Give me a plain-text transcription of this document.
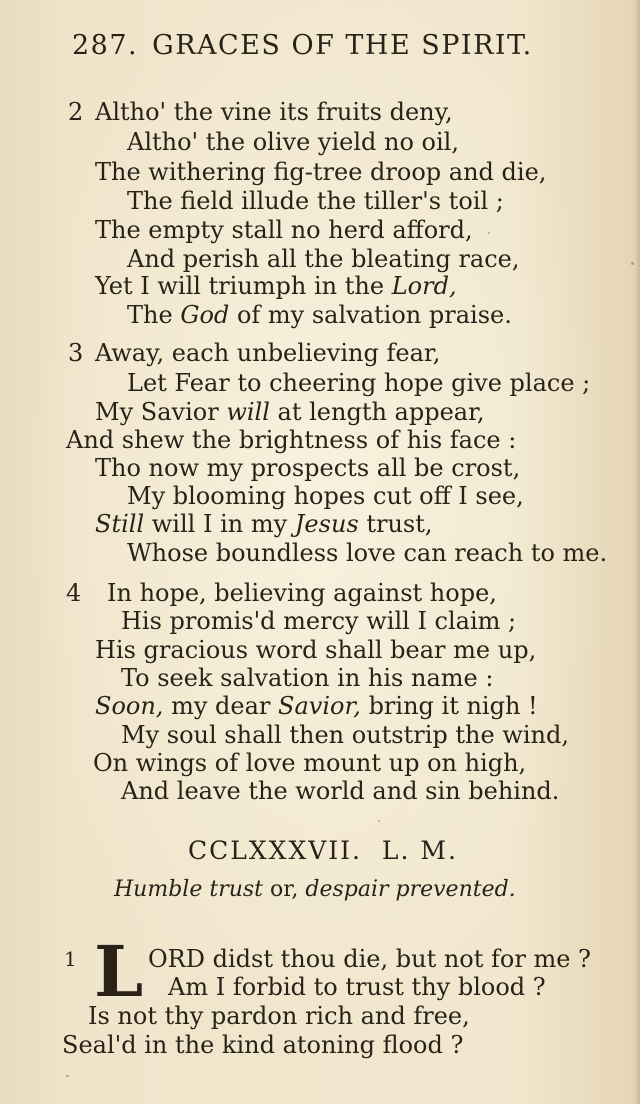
287. GRACES OF THE SPIRIT.
2 Altho' the vine its fruits deny,
Altho' the olive yield no oil,
The withering fig-tree droop and die,
The field illude the tiller's toil ;
The empty stall no herd afford,
And perish all the bleating race,
Yet I will triumph in the Lord,
The God of my salvation praise.
3 Away, each unbelieving fear,
Let Fear to cheering hope give place ;
My Savior will at length appear,
And shew the brightness of his face :
Tho now my prospects all be crost,
My blooming hopes cut off I see,
Still will I in my Jesus trust,
Whose boundless love can reach to me.
4 In hope, believing against hope,
His promis'd mercy will I claim ;
His gracious word shall bear me up,
To seek salvation in his name :
Soon, my dear Savior, bring it nigh !
My soul shall then outstrip the wind,
On wings of love mount up on high,
And leave the world and sin behind.
CCLXXXVII. L. M.
Humble trust or, despair prevented.
1 L ORD didst thou die, but not for me ?
Am I forbid to trust thy blood ?
Is not thy pardon rich and free,
Seal'd in the kind atoning flood ?
